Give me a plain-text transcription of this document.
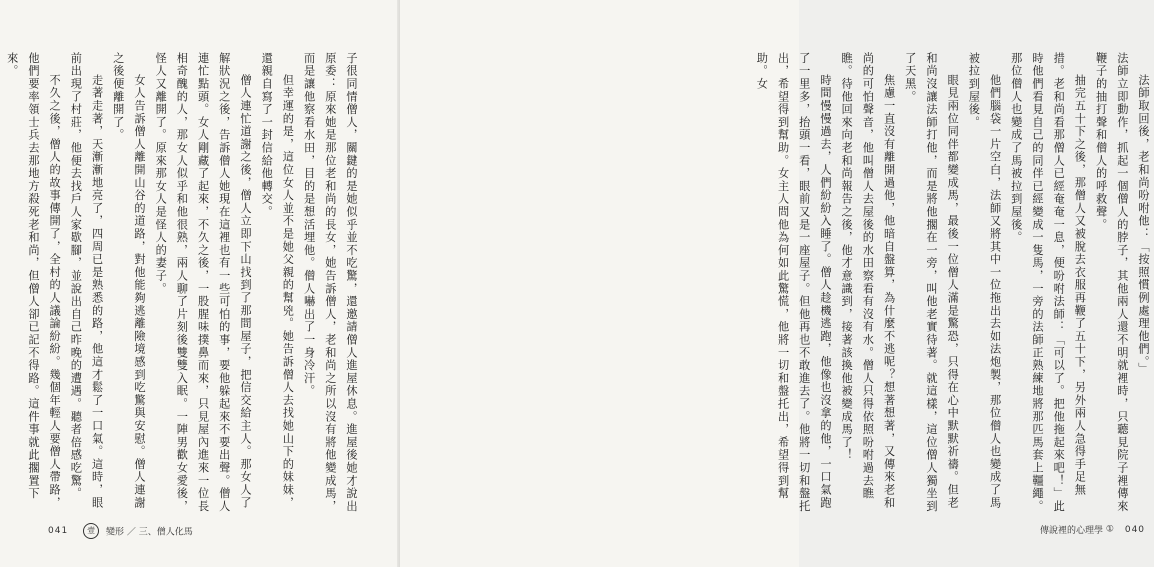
子很同情僧人，關鍵的是她似乎並不吃驚，還邀請僧人進屋休息。進屋後她才說出原委：原來她是那位老和尚的長女，她告訴僧人，老和尚之所以沒有將他變成馬，而是讓他察看水田，目的是想活埋他。僧人嚇出了一身冷汗。

但幸運的是，這位女人並不是她父親的幫兇。她告訴僧人去找她山下的妹妹，還親自寫了一封信給他轉交。

僧人連忙道謝之後，僧人立即下山找到了那間屋子，把信交給主人。那女人了解狀況之後，告訴僧人她現在這裡也有一些可怕的事，要他躲起來不要出聲。僧人連忙點頭。女人剛藏了起來，不久之後，一股腥味撲鼻而來，只見屋內進來一位長相奇醜的人，那女人似乎和他很熟，兩人聊了片刻後雙雙入眠。一陣男歡女愛後，怪人又離開了。原來那女人是怪人的妻子。

女人告訴僧人離開山谷的道路，對他能夠逃離險境感到吃驚與安慰。僧人連謝之後便離開了。

走著走著，天漸漸地亮了，四周已是熟悉的路，他這才鬆了一口氣。這時，眼前出現了村莊，他便去找戶人家歇腳，並說出自己昨晚的遭遇。聽者倍感吃驚。

不久之後，僧人的故事傳開了，全村的人議論紛紛。幾個年輕人要僧人帶路，他們要率領士兵去那地方殺死老和尚，但僧人卻已記不得路。這件事就此擱置下來。

041 壹 變形 ／ 三、僧人化馬

法師取回後，老和尚吩咐他：「按照慣例處理他們。」

法師立即動作，抓起一個僧人的脖子，其他兩人還不明就裡時，只聽見院子裡傳來鞭子的抽打聲和僧人的呼救聲。

抽完五十下之後，那僧人又被脫去衣服再鞭了五十下，另外兩人急得手足無措。老和尚看那僧人已經奄奄一息，便吩咐法師：「可以了。把他拖起來吧！」此時他們看見自己的同伴已經變成一隻馬，一旁的法師正熟練地將那匹馬套上韁繩。那位僧人也變成了馬被拉到屋後。

他們腦袋一片空白，法師又將其中一位拖出去如法炮製，那位僧人也變成了馬被拉到屋後。

眼見兩位同伴都變成馬，最後一位僧人滿是驚恐，只得在心中默默祈禱。但老和尚沒讓法師打他，而是將他擱在一旁，叫他老實待著。就這樣，這位僧人獨坐到了天黑。

焦慮一直沒有離開過他，他暗自盤算，為什麼不逃呢？想著想著，又傳來老和尚的可怕聲音，他叫僧人去屋後的水田察看有沒有水。僧人只得依照吩咐過去瞧瞧。待他回來向老和尚報告之後，他才意識到，接著該換他被變成馬了！

時間慢慢過去，人們紛紛入睡了。僧人趁機逃跑，他像也沒拿的他，一口氣跑了一里多，抬頭一看，眼前又是一座屋子。但他再也不敢進去了。他將一切和盤托出，希望得到幫助。女主人問他為何如此驚慌，他將一切和盤托出，希望得到幫助。女

傳說裡的心理學 ① 040
